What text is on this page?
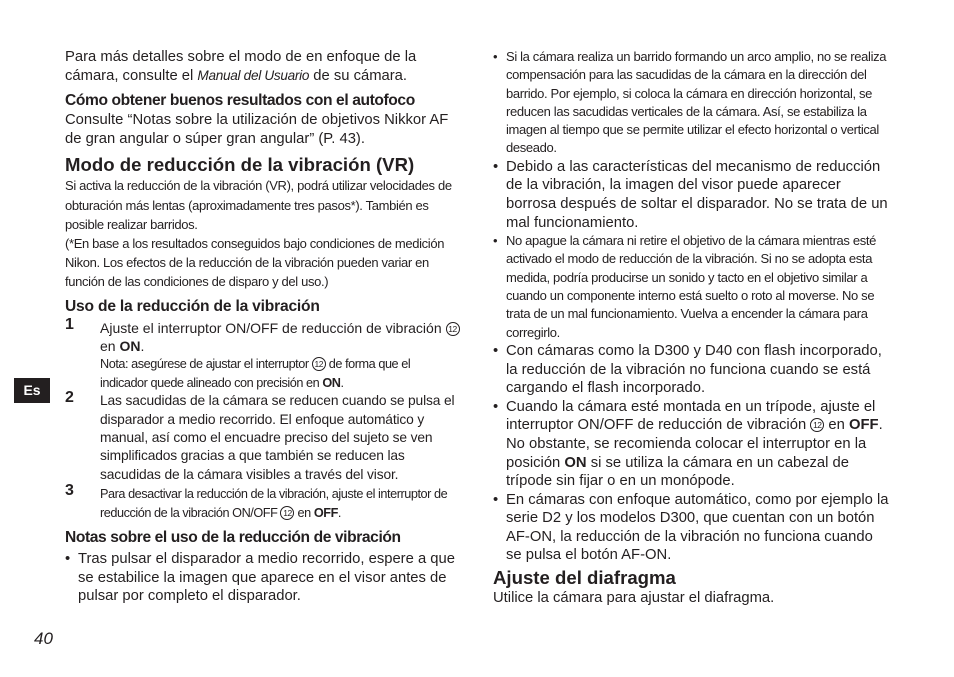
Es
40

Para más detalles sobre el modo de en enfoque de la cámara, consulte el Manual del Usuario de su cámara.

Cómo obtener buenos resultados con el autofoco

Consulte “Notas sobre la utilización de objetivos Nikkor AF de gran angular o súper gran angular” (P. 43).

Modo de reducción de la vibración (VR)

Si activa la reducción de la vibración (VR), podrá utilizar velocidades de obturación más lentas (aproximadamente tres pasos*). También es posible realizar barridos.

(*En base a los resultados conseguidos bajo condiciones de medición Nikon. Los efectos de la reducción de la vibración pueden variar en función de las condiciones de disparo y del uso.)

Uso de la reducción de la vibración
1 Ajuste el interruptor ON/OFF de reducción de vibración 12 en ON.

Nota: asegúrese de ajustar el interruptor 12 de forma que el indicador quede alineado con precisión en ON.

2 Las sacudidas de la cámara se reducen cuando se pulsa el disparador a medio recorrido. El enfoque automático y manual, así como el encuadre preciso del sujeto se ven simplificados gracias a que también se reducen las sacudidas de la cámara visibles a través del visor.

3 Para desactivar la reducción de la vibración, ajuste el interruptor de reducción de la vibración ON/OFF 12 en OFF.

Notas sobre el uso de la reducción de vibración
• Tras pulsar el disparador a medio recorrido, espere a que se estabilice la imagen que aparece en el visor antes de pulsar por completo el disparador.
• Si la cámara realiza un barrido formando un arco amplio, no se realiza compensación para las sacudidas de la cámara en la dirección del barrido. Por ejemplo, si coloca la cámara en dirección horizontal, se reducen las sacudidas verticales de la cámara. Así, se estabiliza la imagen al tiempo que se permite utilizar el efecto horizontal o vertical deseado.
• Debido a las características del mecanismo de reducción de la vibración, la imagen del visor puede aparecer borrosa después de soltar el disparador. No se trata de un mal funcionamiento.
• No apague la cámara ni retire el objetivo de la cámara mientras esté activado el modo de reducción de la vibración. Si no se adopta esta medida, podría producirse un sonido y tacto en el objetivo similar a cuando un componente interno está suelto o roto al moverse. No se trata de un mal funcionamiento. Vuelva a encender la cámara para corregirlo.
• Con cámaras como la D300 y D40 con flash incorporado, la reducción de la vibración no funciona cuando se está cargando el flash incorporado.
• Cuando la cámara esté montada en un trípode, ajuste el interruptor ON/OFF de reducción de vibración 12 en OFF. No obstante, se recomienda colocar el interruptor en la posición ON si se utiliza la cámara en un cabezal de trípode sin fijar o en un monópode.
• En cámaras con enfoque automático, como por ejemplo la serie D2 y los modelos D300, que cuentan con un botón AF-ON, la reducción de la vibración no funciona cuando se pulsa el botón AF-ON.
Ajuste del diafragma

Utilice la cámara para ajustar el diafragma.
